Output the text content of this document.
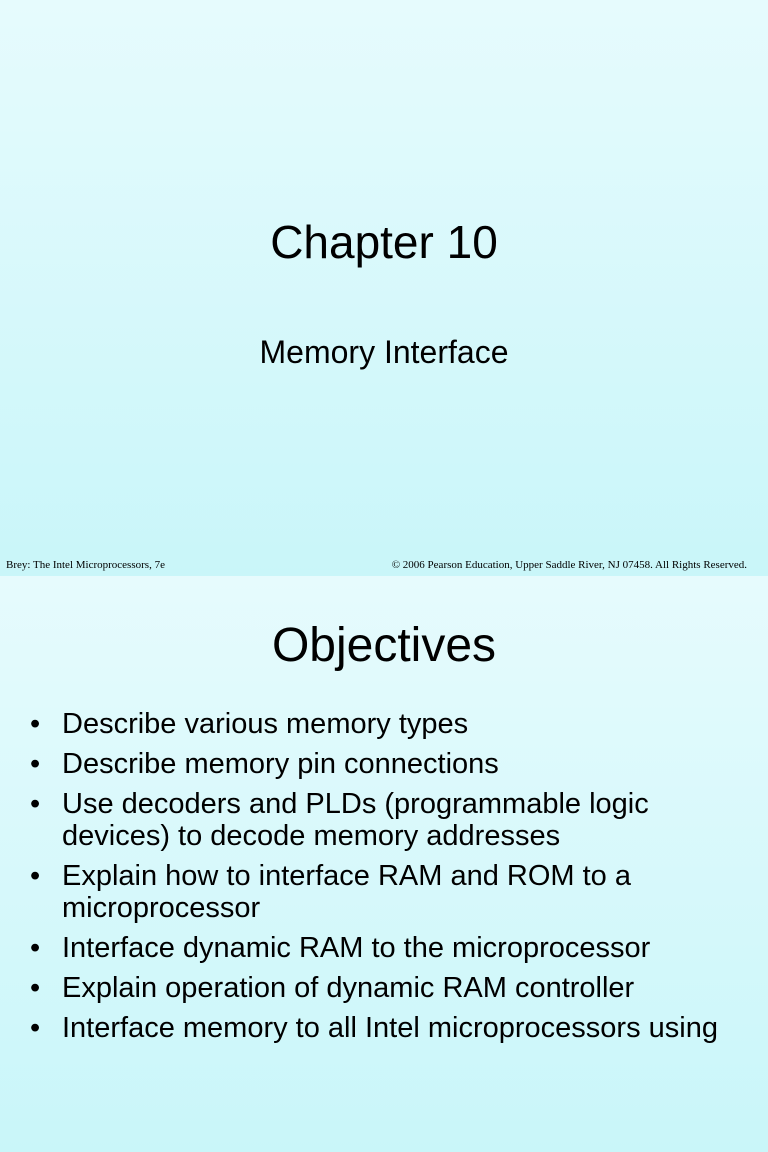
Chapter 10
Memory Interface
Brey: The Intel Microprocessors, 7e	© 2006 Pearson Education, Upper Saddle River, NJ 07458. All Rights Reserved.
Objectives
• Describe various memory types
• Describe memory pin connections
• Use decoders and PLDs (programmable logic devices) to decode memory addresses
• Explain how to interface RAM and ROM to a microprocessor
• Interface dynamic RAM to the microprocessor
• Explain operation of dynamic RAM controller
• Interface memory to all Intel microprocessors using
